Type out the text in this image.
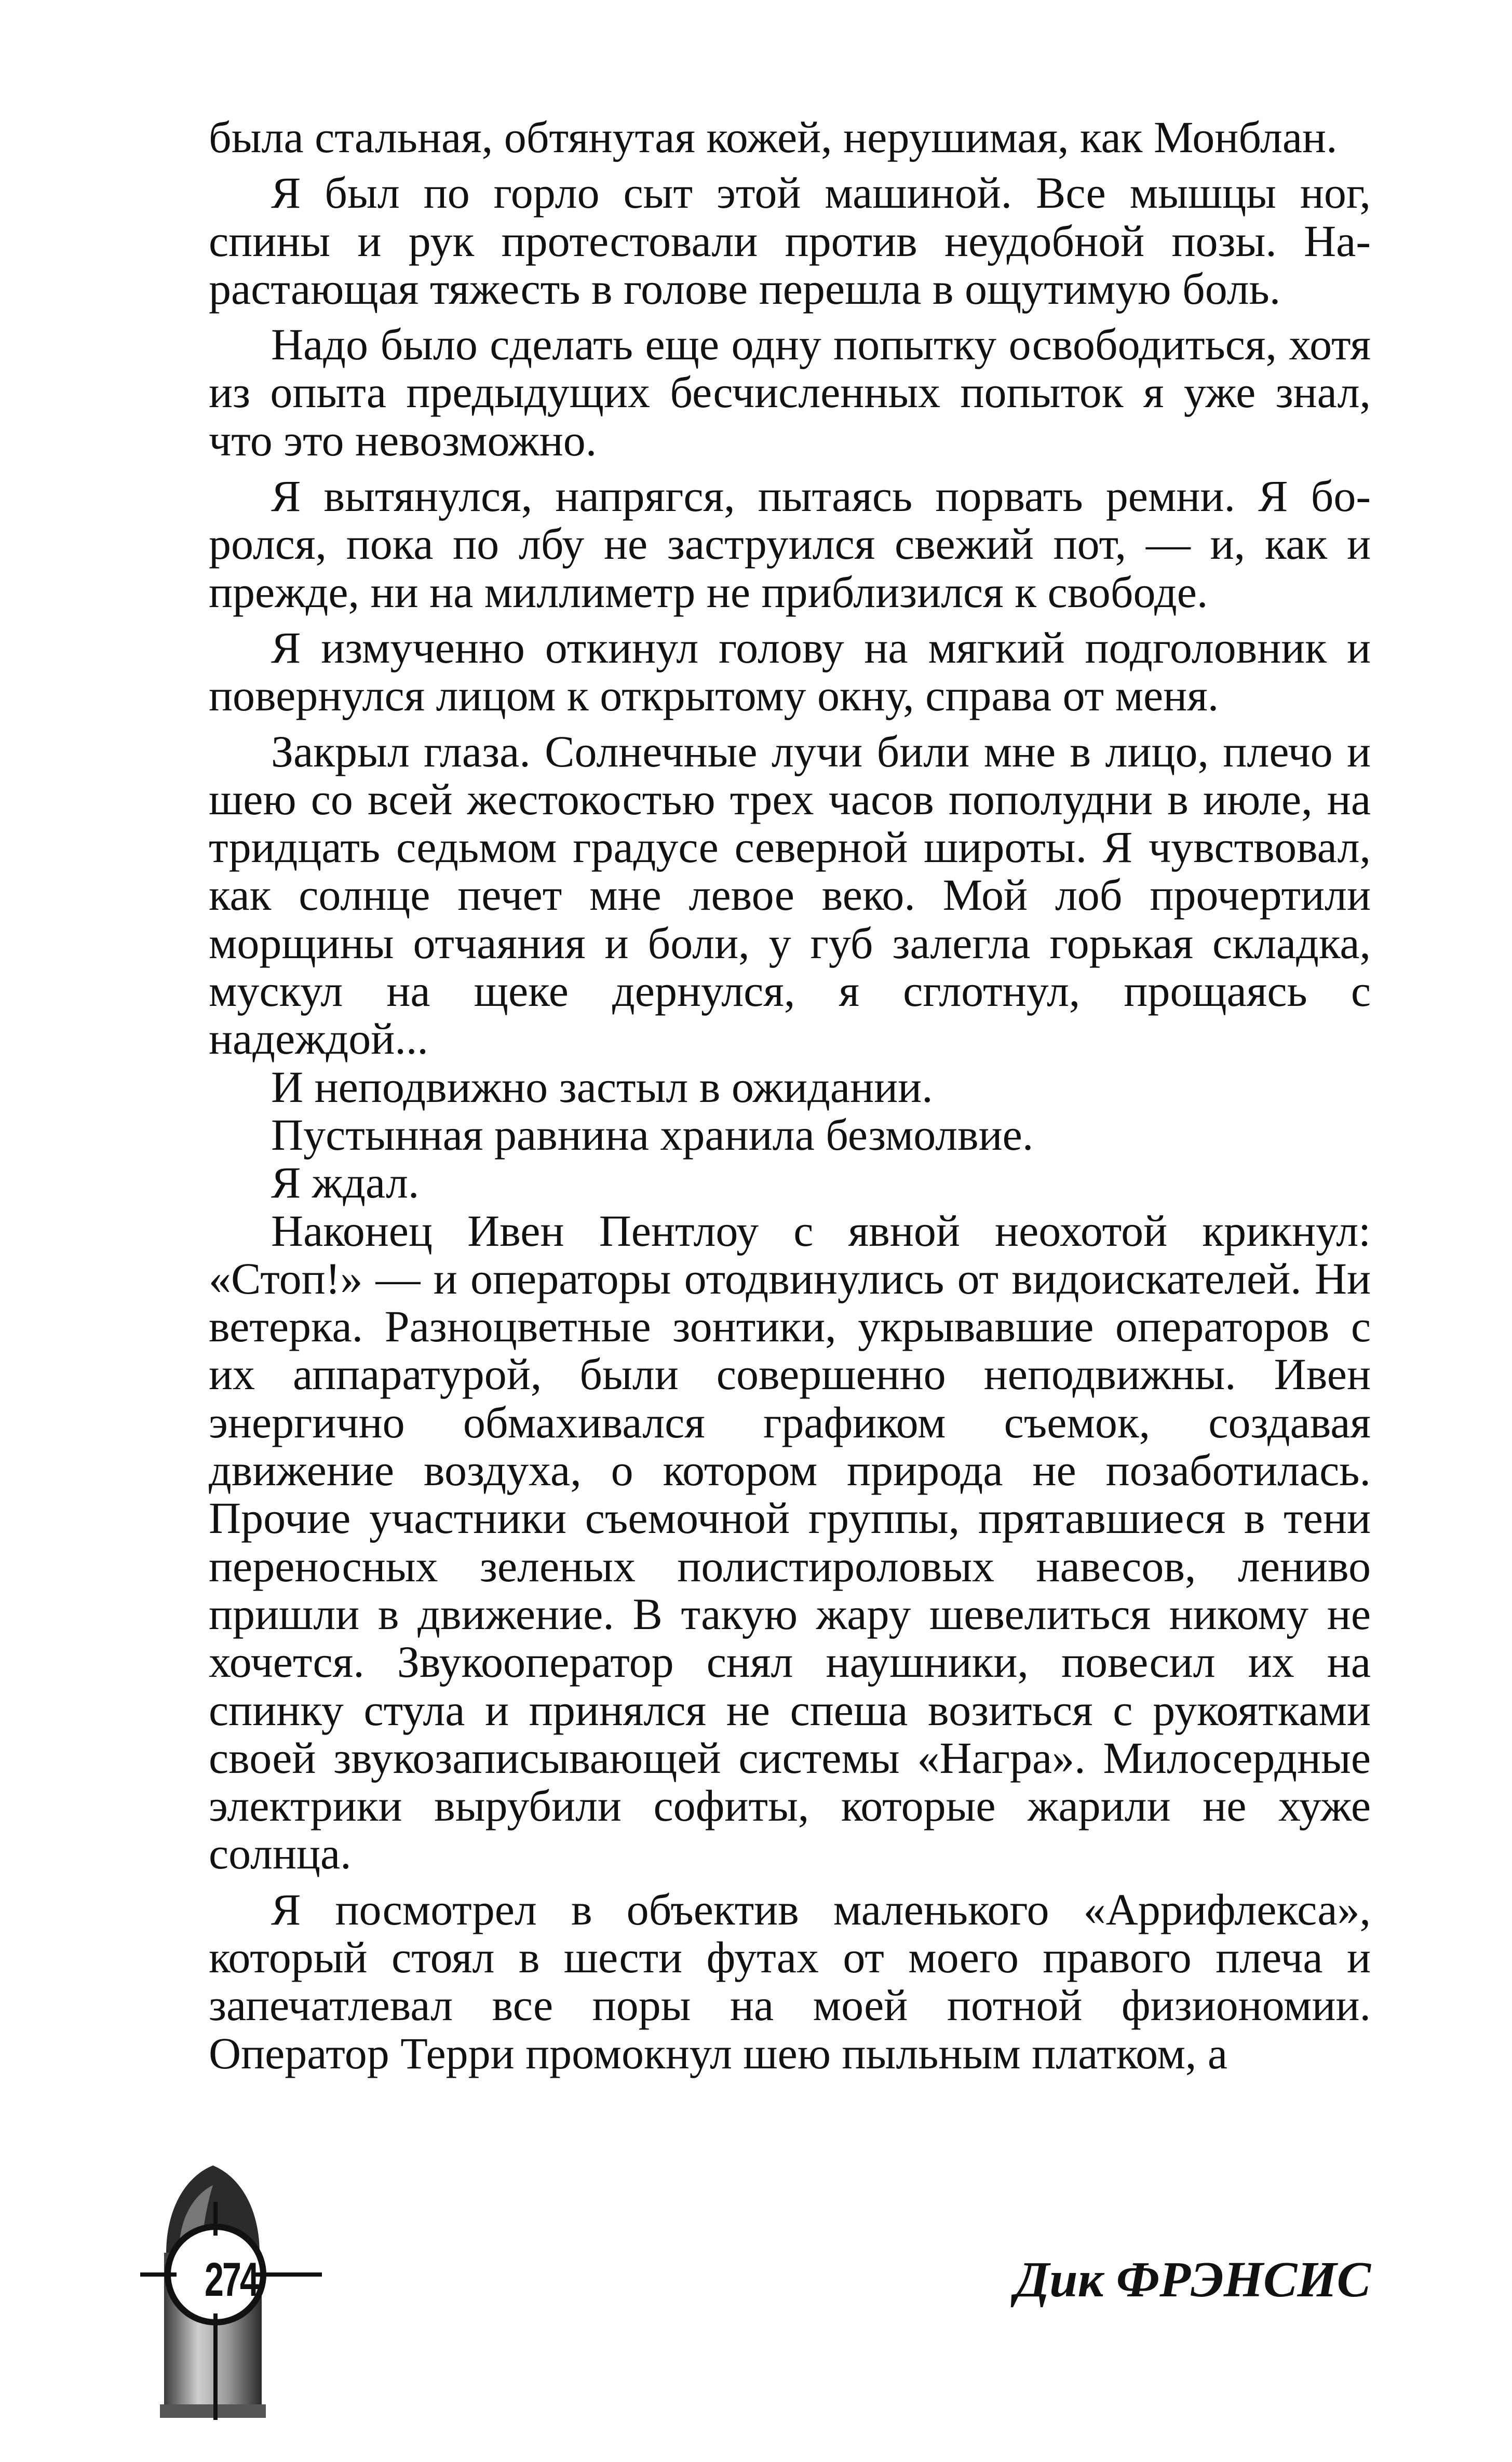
была стальная, обтянутая кожей, нерушимая, как Монблан.

Я был по горло сыт этой машиной. Все мышцы ног, спины и рук протестовали против неудобной позы. Нарастающая тяжесть в голове перешла в ощутимую боль.

Надо было сделать еще одну попытку освободиться, хотя из опыта предыдущих бесчисленных попыток я уже знал, что это невозможно.

Я вытянулся, напрягся, пытаясь порвать ремни. Я боролся, пока по лбу не заструился свежий пот, — и, как и прежде, ни на миллиметр не приблизился к свободе.

Я измученно откинул голову на мягкий подголовник и повернулся лицом к открытому окну, справа от меня.

Закрыл глаза. Солнечные лучи били мне в лицо, плечо и шею со всей жестокостью трех часов пополудни в июле, на тридцать седьмом градусе северной широты. Я чувствовал, как солнце печет мне левое веко. Мой лоб прочертили морщины отчаяния и боли, у губ залегла горькая складка, мускул на щеке дернулся, я сглотнул, прощаясь с надеждой...

И неподвижно застыл в ожидании.

Пустынная равнина хранила безмолвие.

Я ждал.

Наконец Ивен Пентлоу с явной неохотой крикнул: «Стоп!» — и операторы отодвинулись от видоискателей. Ни ветерка. Разноцветные зонтики, укрывавшие операторов с их аппаратурой, были совершенно неподвижны. Ивен энергично обмахивался графиком съемок, создавая движение воздуха, о котором природа не позаботилась. Прочие участники съемочной группы, прятавшиеся в тени переносных зеленых полистироловых навесов, лениво пришли в движение. В такую жару шевелиться никому не хочется. Звукооператор снял наушники, повесил их на спинку стула и принялся не спеша возиться с рукоятками своей звукозаписывающей системы «Награ». Милосердные электрики вырубили софиты, которые жарили не хуже солнца.

Я посмотрел в объектив маленького «Аррифлекса», который стоял в шести футах от моего правого плеча и запечатлевал все поры на моей потной физиономии. Оператор Терри промокнул шею пыльным платком, а

274	Дик ФРЭНСИС
